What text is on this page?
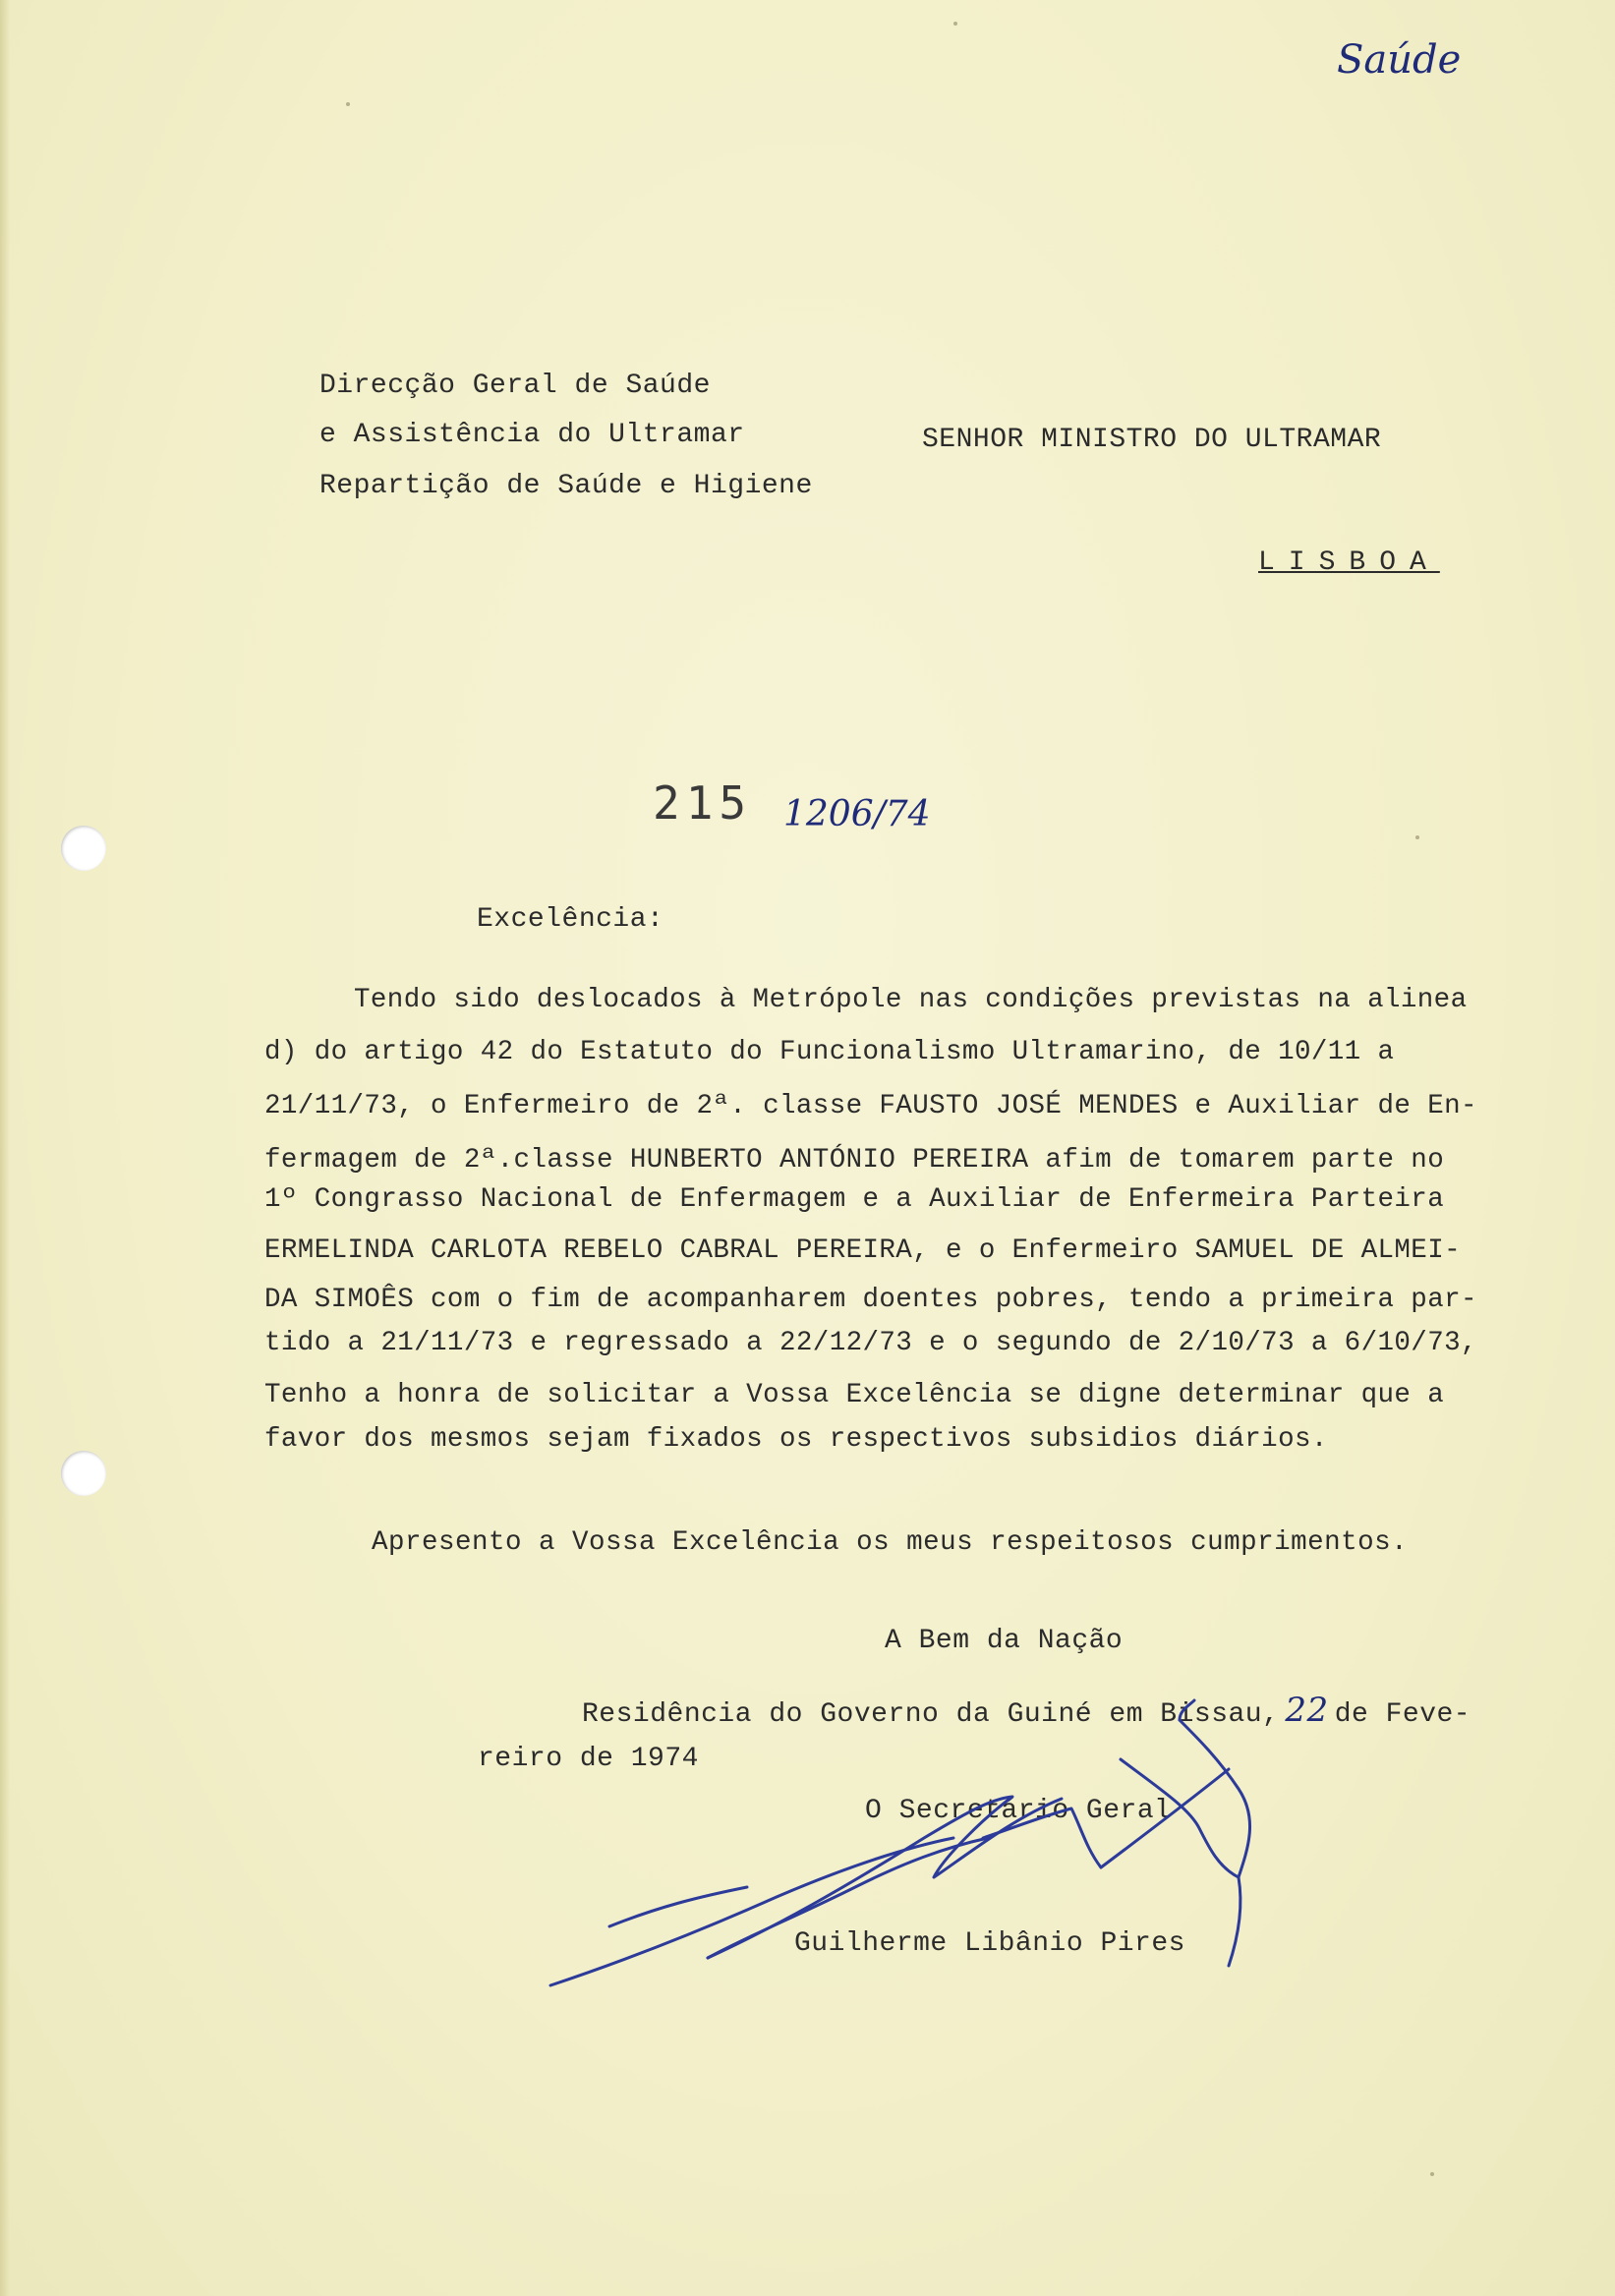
Saúde
Direcção Geral de Saúde
e Assistência do Ultramar
Repartição de Saúde e Higiene
SENHOR MINISTRO DO ULTRAMAR
LISBOA
215 1206/74
Excelência:
Tendo sido deslocados à Metrópole nas condições previstas na alinea
d) do artigo 42 do Estatuto do Funcionalismo Ultramarino, de 10/11 a
21/11/73, o Enfermeiro de 2ª. classe FAUSTO JOSÉ MENDES e Auxiliar de En-
fermagem de 2ª.classe HUNBERTO ANTÓNIO PEREIRA afim de tomarem parte no
1º Congrasso Nacional de Enfermagem e a Auxiliar de Enfermeira Parteira
ERMELINDA CARLOTA REBELO CABRAL PEREIRA, e o Enfermeiro SAMUEL DE ALMEI-
DA SIMOÊS com o fim de acompanharem doentes pobres, tendo a primeira par-
tido a 21/11/73 e regressado a 22/12/73 e o segundo de 2/10/73 a 6/10/73,
Tenho a honra de solicitar a Vossa Excelência se digne determinar que a
favor dos mesmos sejam fixados os respectivos subsidios diários.
Apresento a Vossa Excelência os meus respeitosos cumprimentos.
A Bem da Nação
Residência do Governo da Guiné em Bissau, 22 de Feve-
reiro de 1974
O Secretário Geral
Guilherme Libânio Pires
